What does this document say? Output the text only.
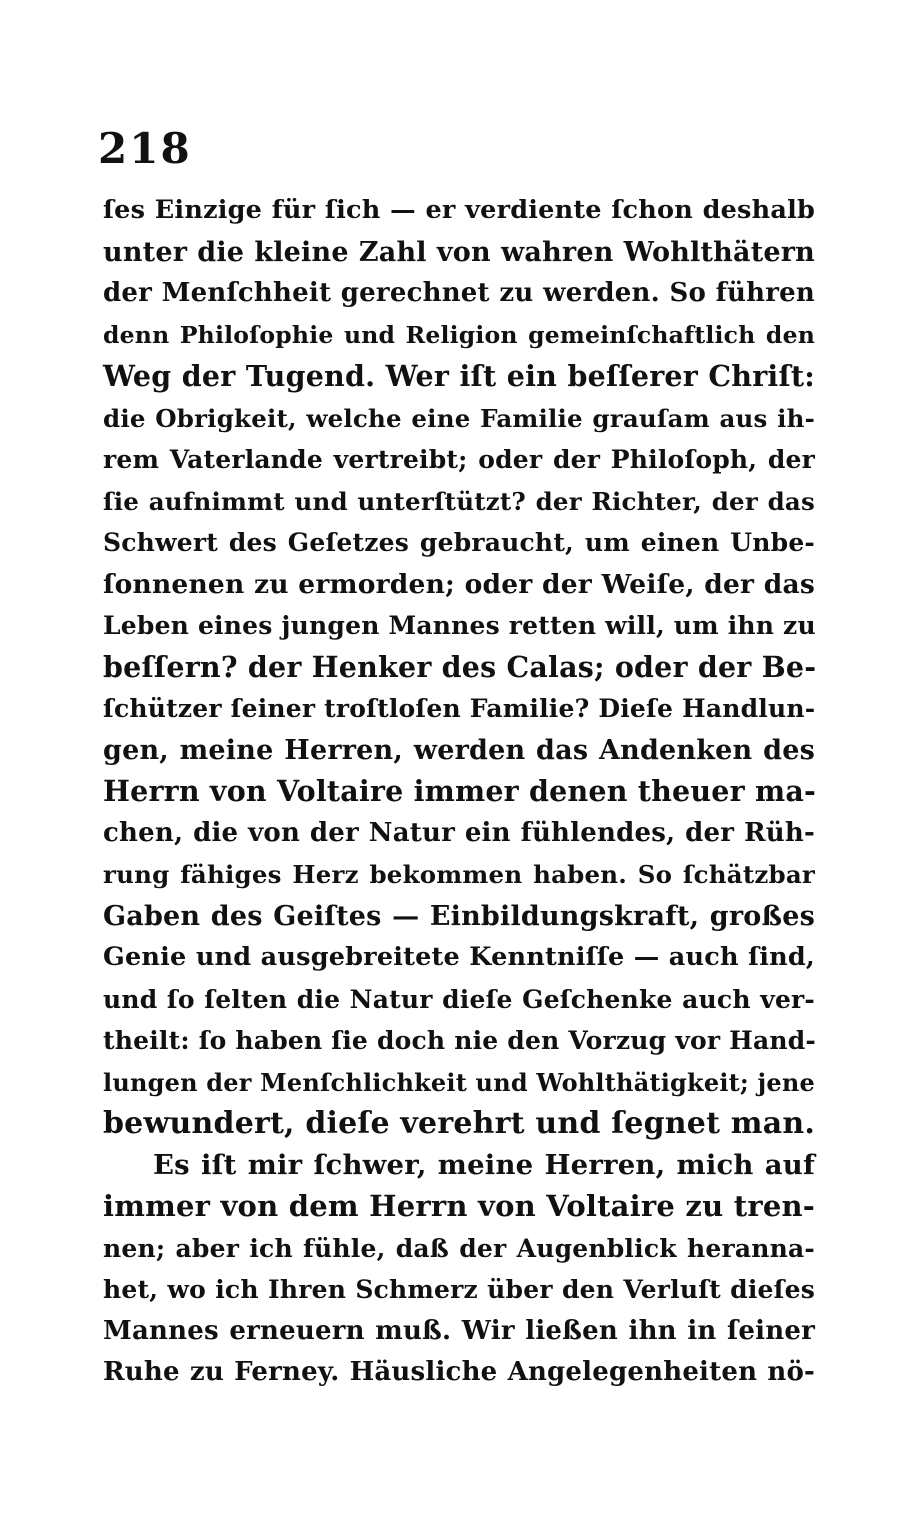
218
ſes Einzige für ſich — er verdiente ſchon deshalb
unter die kleine Zahl von wahren Wohlthätern
der Menſchheit gerechnet zu werden. So führen
denn Philoſophie und Religion gemeinſchaftlich den
Weg der Tugend. Wer iſt ein beſſerer Chriſt:
die Obrigkeit, welche eine Familie grauſam aus ih-
rem Vaterlande vertreibt; oder der Philoſoph, der
ſie aufnimmt und unterſtützt? der Richter, der das
Schwert des Geſetzes gebraucht, um einen Unbe-
ſonnenen zu ermorden; oder der Weiſe, der das
Leben eines jungen Mannes retten will, um ihn zu
beſſern? der Henker des Calas; oder der Be-
ſchützer ſeiner troſtloſen Familie? Dieſe Handlun-
gen, meine Herren, werden das Andenken des
Herrn von Voltaire immer denen theuer ma-
chen, die von der Natur ein fühlendes, der Rüh-
rung fähiges Herz bekommen haben. So ſchätzbar
Gaben des Geiſtes — Einbildungskraft, großes
Genie und ausgebreitete Kenntniſſe — auch ſind,
und ſo ſelten die Natur dieſe Geſchenke auch ver-
theilt: ſo haben ſie doch nie den Vorzug vor Hand-
lungen der Menſchlichkeit und Wohlthätigkeit; jene
bewundert, dieſe verehrt und ſegnet man.
Es iſt mir ſchwer, meine Herren, mich auf
immer von dem Herrn von Voltaire zu tren-
nen; aber ich fühle, daß der Augenblick heranna-
het, wo ich Ihren Schmerz über den Verluſt dieſes
Mannes erneuern muß. Wir ließen ihn in ſeiner
Ruhe zu Ferney. Häusliche Angelegenheiten nö-
